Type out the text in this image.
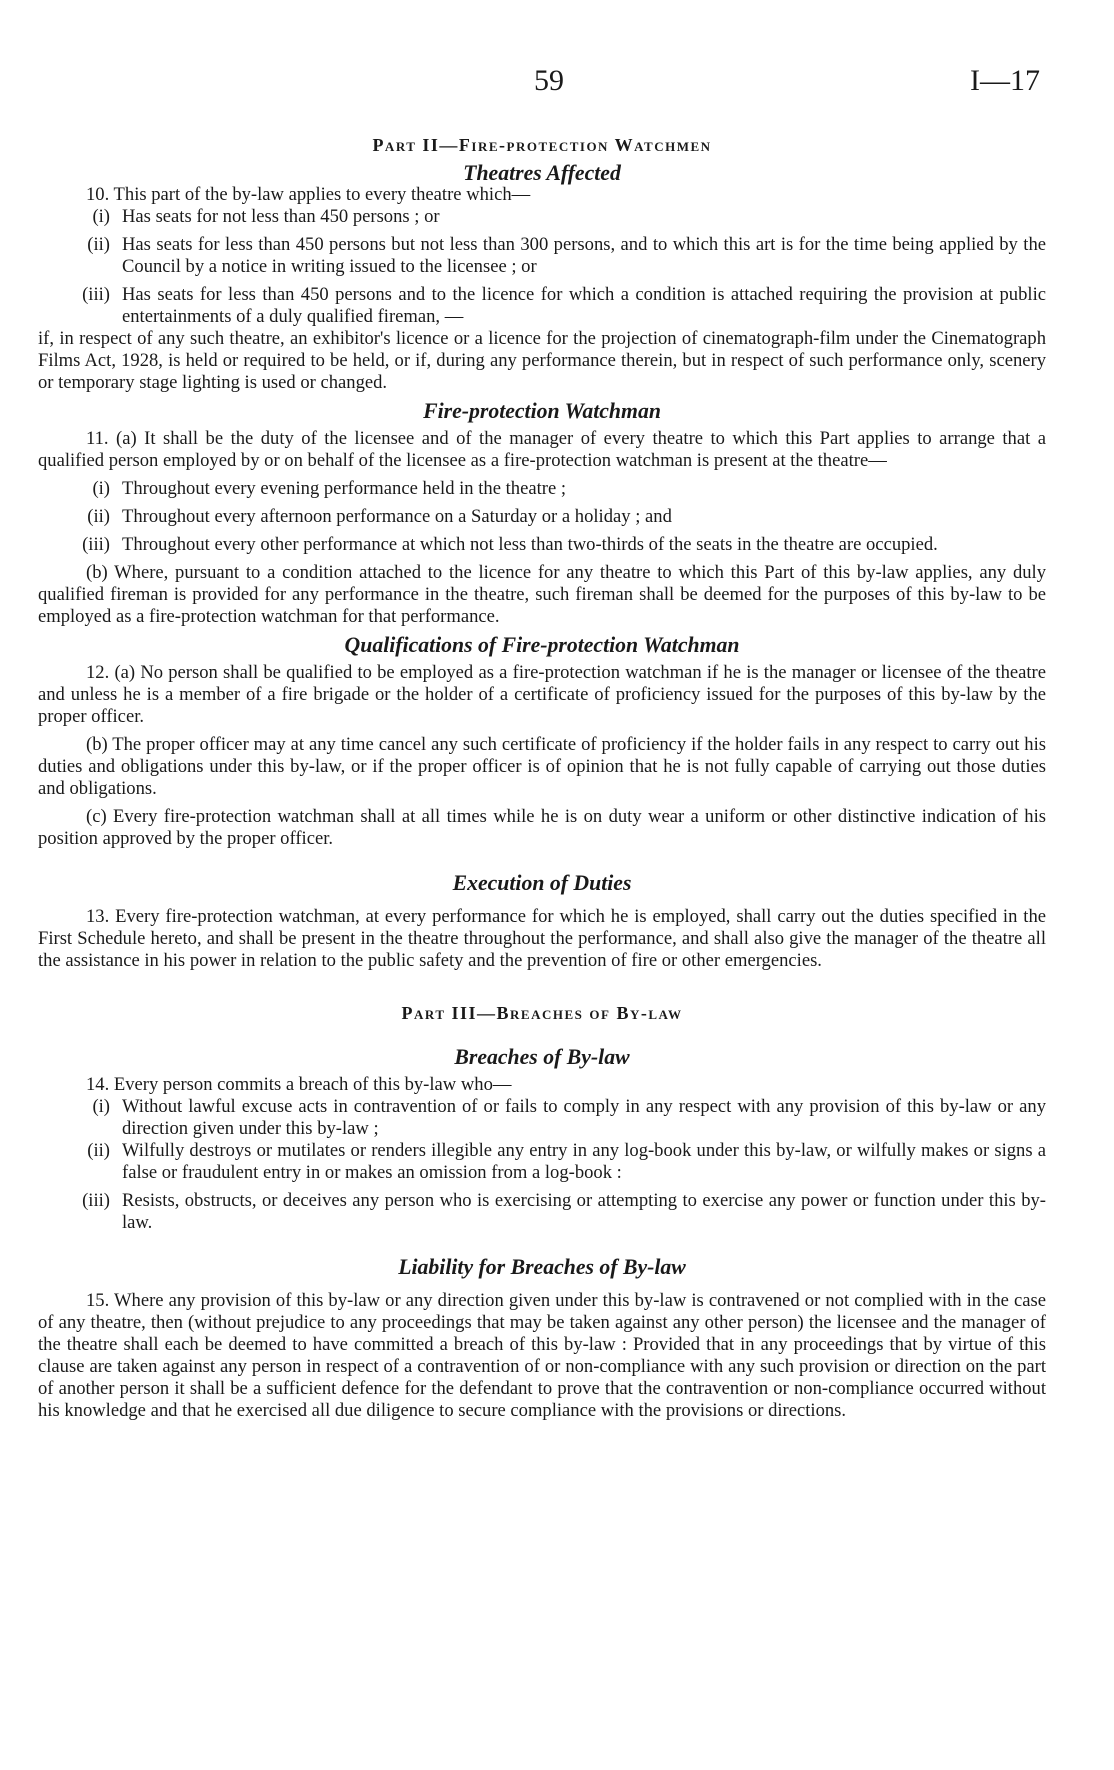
59	I—17
Part II—Fire-protection Watchmen
Theatres Affected

10. This part of the by-law applies to every theatre which—

(i) Has seats for not less than 450 persons ; or
(ii) Has seats for less than 450 persons but not less than 300 persons, and to which this art is for the time being applied by the Council by a notice in writing issued to the licensee ; or
(iii) Has seats for less than 450 persons and to the licence for which a condition is attached requiring the provision at public entertainments of a duly qualified fireman, —

if, in respect of any such theatre, an exhibitor's licence or a licence for the projection of cinematograph-film under the Cinematograph Films Act, 1928, is held or required to be held, or if, during any performance therein, but in respect of such performance only, scenery or temporary stage lighting is used or changed.

Fire-protection Watchman

11. (a) It shall be the duty of the licensee and of the manager of every theatre to which this Part applies to arrange that a qualified person employed by or on behalf of the licensee as a fire-protection watchman is present at the theatre—

(i) Throughout every evening performance held in the theatre ;
(ii) Throughout every afternoon performance on a Saturday or a holiday ; and
(iii) Throughout every other performance at which not less than two-thirds of the seats in the theatre are occupied.

(b) Where, pursuant to a condition attached to the licence for any theatre to which this Part of this by-law applies, any duly qualified fireman is provided for any performance in the theatre, such fireman shall be deemed for the purposes of this by-law to be employed as a fire-protection watchman for that performance.

Qualifications of Fire-protection Watchman

12. (a) No person shall be qualified to be employed as a fire-protection watchman if he is the manager or licensee of the theatre and unless he is a member of a fire brigade or the holder of a certificate of proficiency issued for the purposes of this by-law by the proper officer.

(b) The proper officer may at any time cancel any such certificate of proficiency if the holder fails in any respect to carry out his duties and obligations under this by-law, or if the proper officer is of opinion that he is not fully capable of carrying out those duties and obligations.

(c) Every fire-protection watchman shall at all times while he is on duty wear a uniform or other distinctive indication of his position approved by the proper officer.

Execution of Duties

13. Every fire-protection watchman, at every performance for which he is employed, shall carry out the duties specified in the First Schedule hereto, and shall be present in the theatre throughout the performance, and shall also give the manager of the theatre all the assistance in his power in relation to the public safety and the prevention of fire or other emergencies.

Part III—Breaches of By-law
Breaches of By-law

14. Every person commits a breach of this by-law who—

(i) Without lawful excuse acts in contravention of or fails to comply in any respect with any provision of this by-law or any direction given under this by-law ;
(ii) Wilfully destroys or mutilates or renders illegible any entry in any log-book under this by-law, or wilfully makes or signs a false or fraudulent entry in or makes an omission from a log-book :
(iii) Resists, obstructs, or deceives any person who is exercising or attempting to exercise any power or function under this by-law.
Liability for Breaches of By-law

15. Where any provision of this by-law or any direction given under this by-law is contravened or not complied with in the case of any theatre, then (without prejudice to any proceedings that may be taken against any other person) the licensee and the manager of the theatre shall each be deemed to have committed a breach of this by-law : Provided that in any proceedings that by virtue of this clause are taken against any person in respect of a contravention of or non-compliance with any such provision or direction on the part of another person it shall be a sufficient defence for the defendant to prove that the contravention or non-compliance occurred without his knowledge and that he exercised all due diligence to secure compliance with the provisions or directions.
